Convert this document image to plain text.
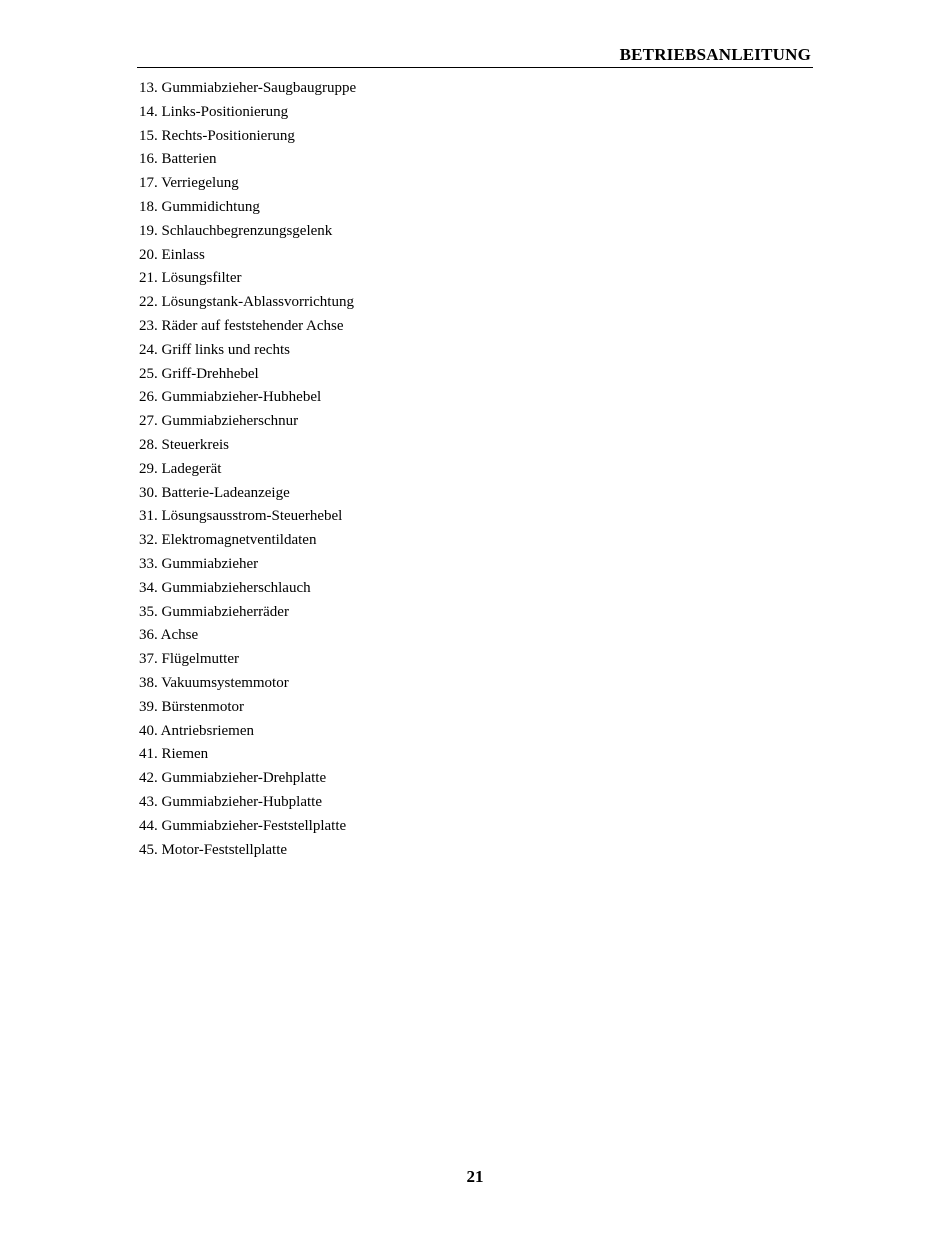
BETRIEBSANLEITUNG
13. Gummiabzieher-Saugbaugruppe
14. Links-Positionierung
15. Rechts-Positionierung
16. Batterien
17. Verriegelung
18. Gummidichtung
19. Schlauchbegrenzungsgelenk
20. Einlass
21. Lösungsfilter
22. Lösungstank-Ablassvorrichtung
23. Räder auf feststehender Achse
24. Griff links und rechts
25. Griff-Drehhebel
26. Gummiabzieher-Hubhebel
27. Gummiabzieherschnur
28. Steuerkreis
29. Ladegerät
30. Batterie-Ladeanzeige
31. Lösungsausstrom-Steuerhebel
32. Elektromagnetventildaten
33. Gummiabzieher
34. Gummiabzieherschlauch
35. Gummiabzieherräder
36. Achse
37. Flügelmutter
38. Vakuumsystemmotor
39. Bürstenmotor
40. Antriebsriemen
41. Riemen
42. Gummiabzieher-Drehplatte
43. Gummiabzieher-Hubplatte
44. Gummiabzieher-Feststellplatte
45. Motor-Feststellplatte
21
